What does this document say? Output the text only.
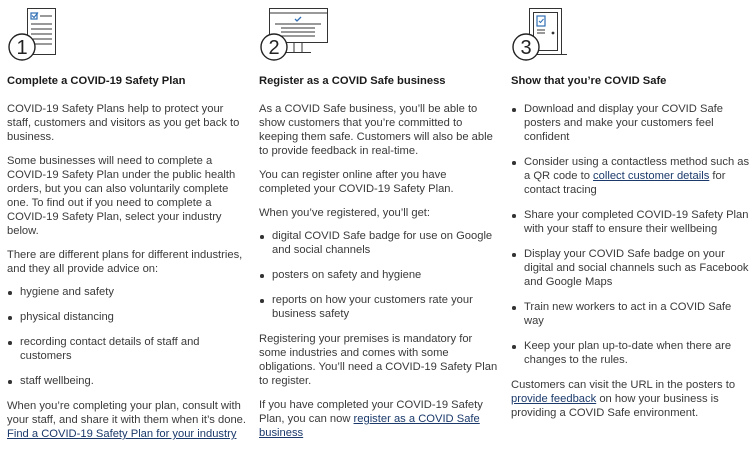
1
Complete a COVID-19 Safety Plan

COVID-19 Safety Plans help to protect your staff, customers and visitors as you get back to business.

Some businesses will need to complete a COVID-19 Safety Plan under the public health orders, but you can also voluntarily complete one. To find out if you need to complete a COVID-19 Safety Plan, select your industry below.

There are different plans for different industries, and they all provide advice on:

hygiene and safety
physical distancing
recording contact details of staff and customers
staff wellbeing.

When you’re completing your plan, consult with your staff, and share it with them when it’s done. Find a COVID-19 Safety Plan for your industry

2
Register as a COVID Safe business

As a COVID Safe business, you’ll be able to show customers that you’re committed to keeping them safe. Customers will also be able to provide feedback in real-time.

You can register online after you have completed your COVID-19 Safety Plan.

When you’ve registered, you’ll get:

digital COVID Safe badge for use on Google and social channels
posters on safety and hygiene
reports on how your customers rate your business safety

Registering your premises is mandatory for some industries and comes with some obligations. You’ll need a COVID-19 Safety Plan to register.

If you have completed your COVID-19 Safety Plan, you can now register as a COVID Safe business

3
Show that you’re COVID Safe
Download and display your COVID Safe posters and make your customers feel confident
Consider using a contactless method such as a QR code to collect customer details for contact tracing
Share your completed COVID-19 Safety Plan with your staff to ensure their wellbeing
Display your COVID Safe badge on your digital and social channels such as Facebook and Google Maps
Train new workers to act in a COVID Safe way
Keep your plan up-to-date when there are changes to the rules.

Customers can visit the URL in the posters to provide feedback on how your business is providing a COVID Safe environment.
